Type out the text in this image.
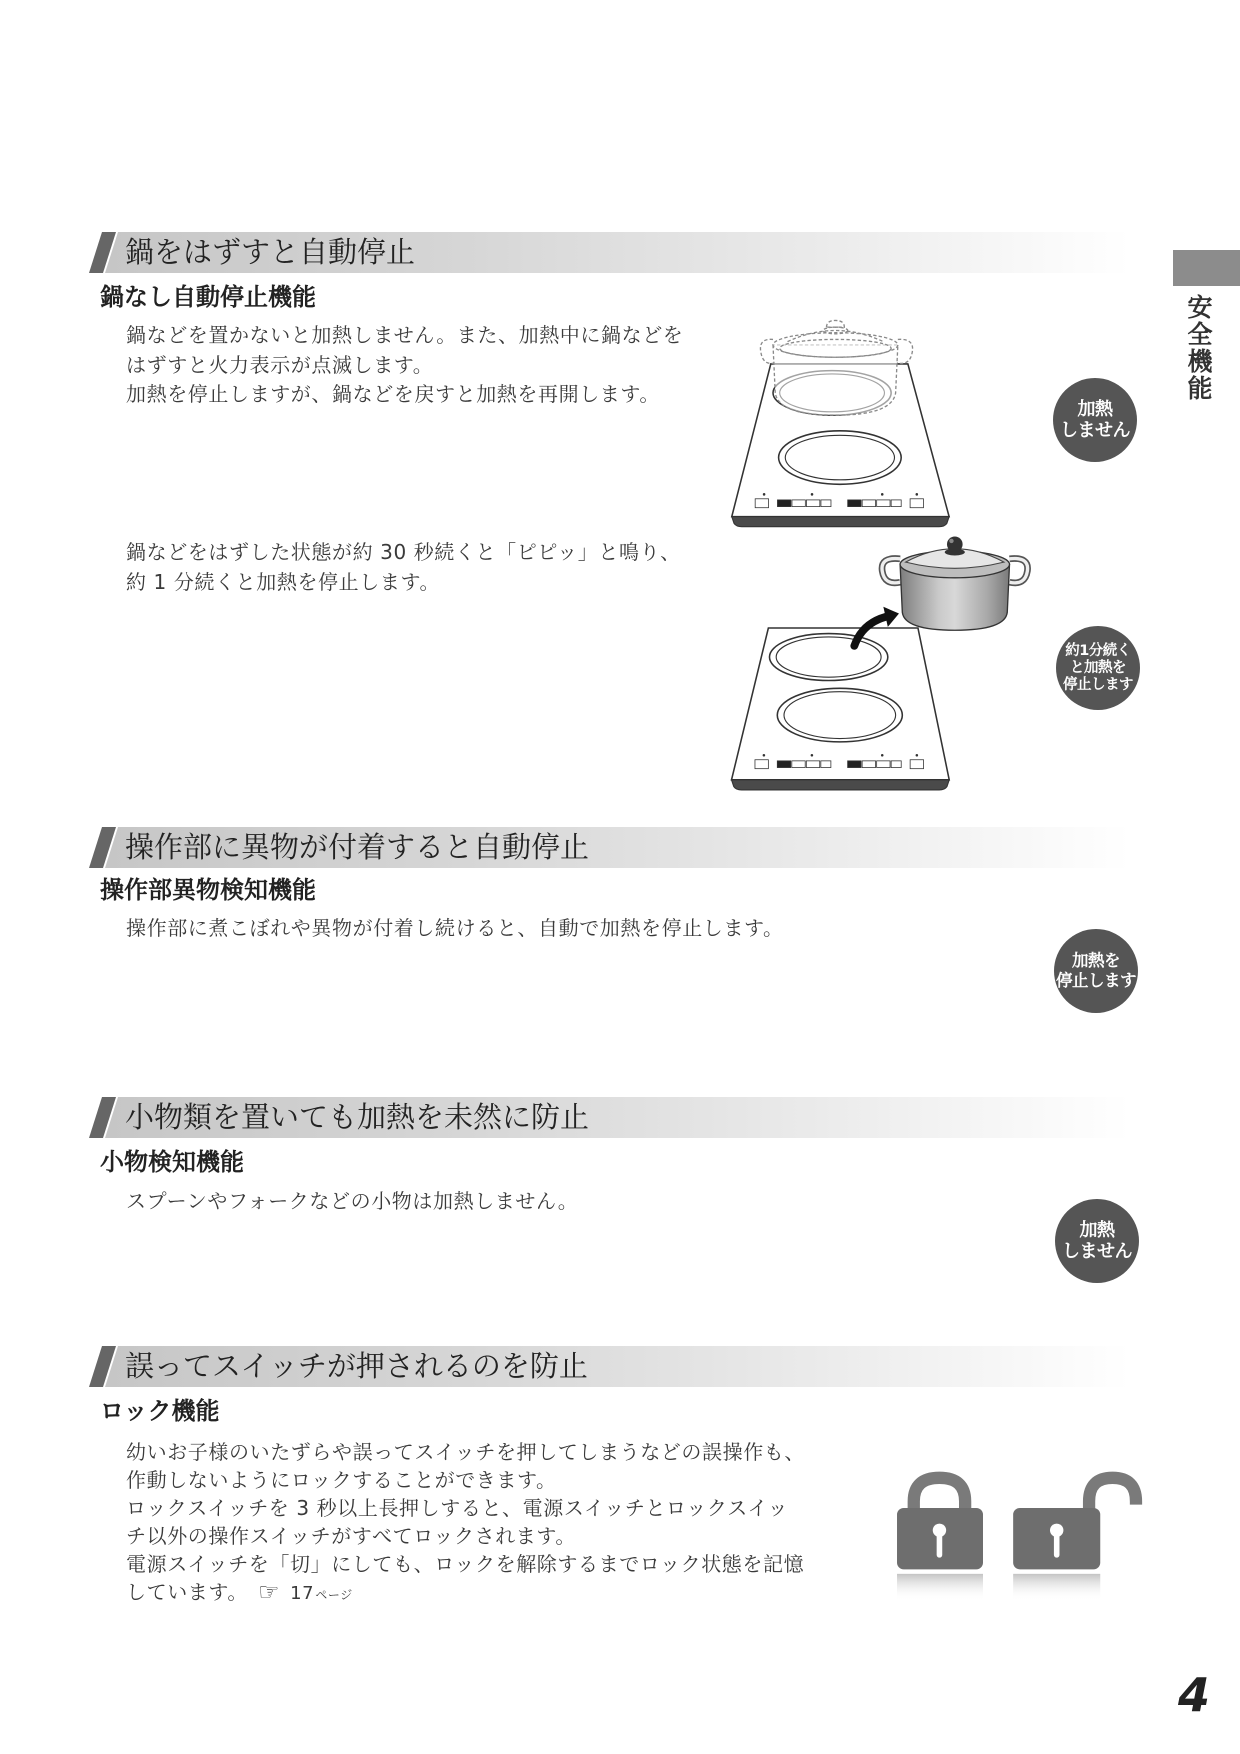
安全機能
鍋をはずすと自動停止
鍋なし自動停止機能
鍋などを置かないと加熱しません。また、加熱中に鍋などを
はずすと火力表示が点滅します。
加熱を停止しますが、鍋などを戻すと加熱を再開します。
鍋などをはずした状態が約 30 秒続くと「ピピッ」と鳴り、
約 1 分続くと加熱を停止します。
加熱
しません
約1分続く
と加熱を
停止します
操作部に異物が付着すると自動停止
操作部異物検知機能
操作部に煮こぼれや異物が付着し続けると、自動で加熱を停止します。
加熱を
停止します
小物類を置いても加熱を未然に防止
小物検知機能
スプーンやフォークなどの小物は加熱しません。
加熱
しません
誤ってスイッチが押されるのを防止
ロック機能
幼いお子様のいたずらや誤ってスイッチを押してしまうなどの誤操作も、
作動しないようにロックすることができます。
ロックスイッチを 3 秒以上長押しすると、電源スイッチとロックスイッ
チ以外の操作スイッチがすべてロックされます。
電源スイッチを「切」にしても、ロックを解除するまでロック状態を記憶
しています。☞ 17ページ
4
